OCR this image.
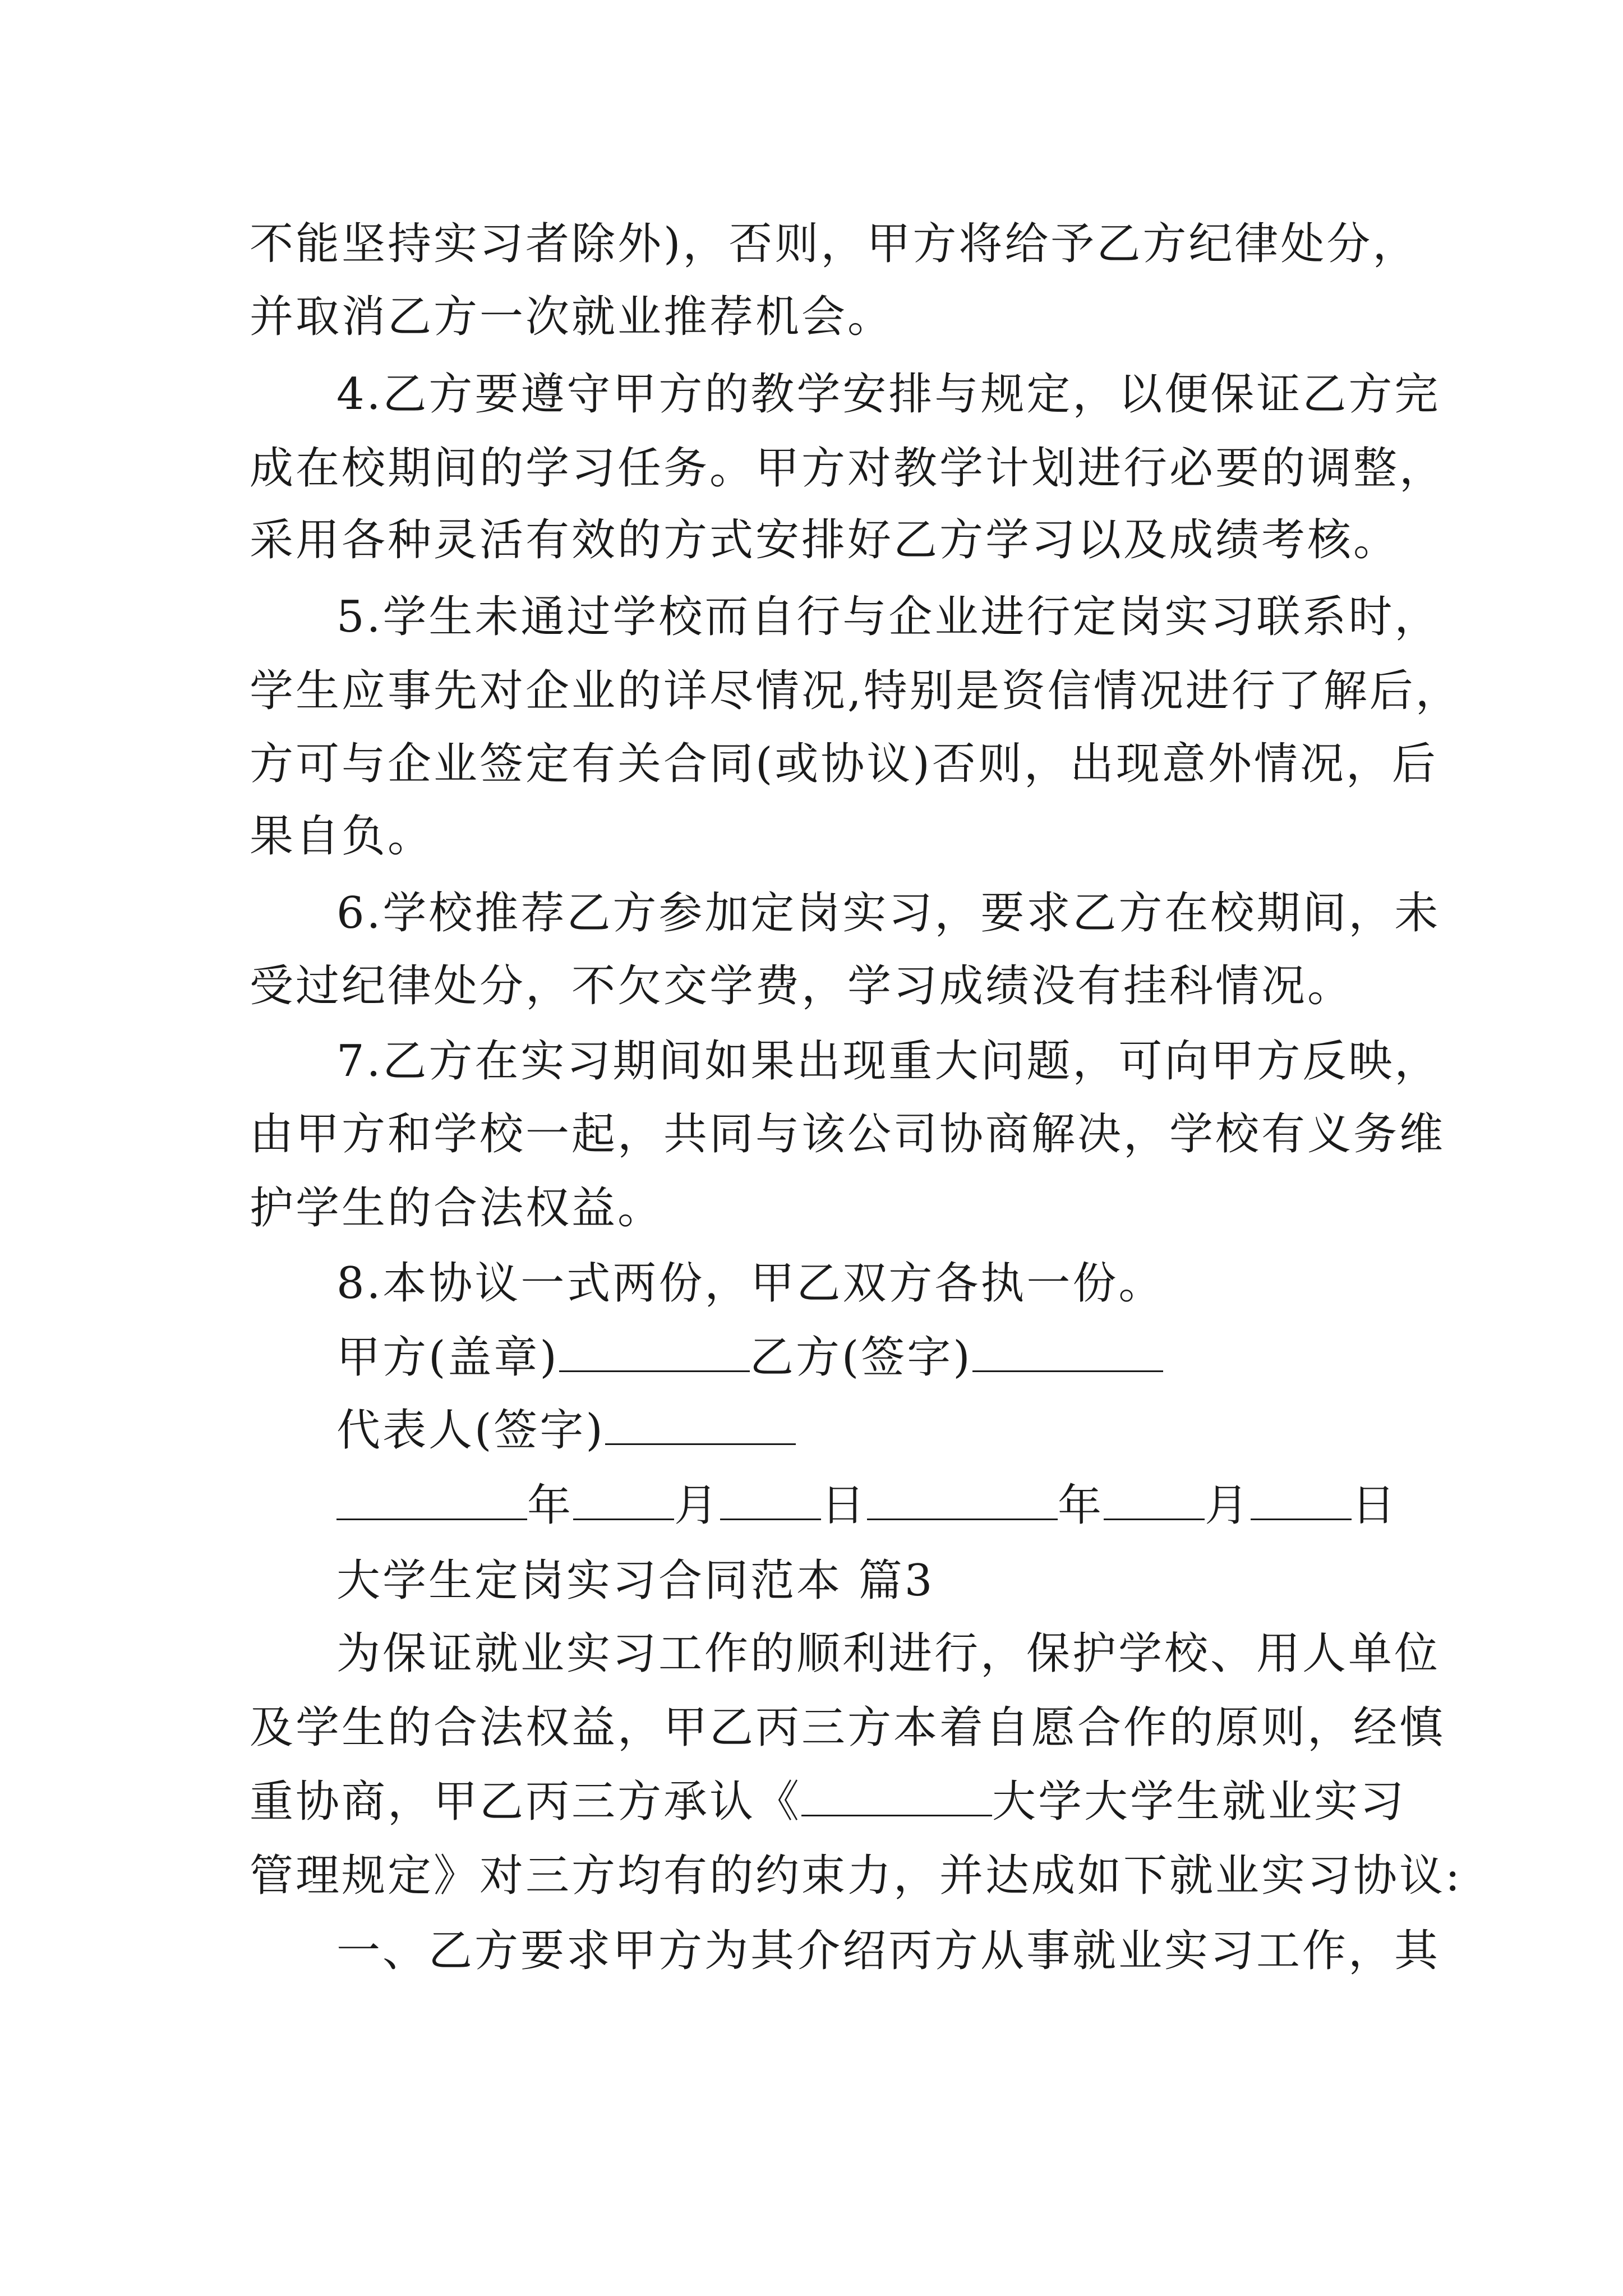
不能坚持实习者除外)，否则，甲方将给予乙方纪律处分，
并取消乙方一次就业推荐机会。
4.乙方要遵守甲方的教学安排与规定，以便保证乙方完
成在校期间的学习任务。甲方对教学计划进行必要的调整，
采用各种灵活有效的方式安排好乙方学习以及成绩考核。
5.学生未通过学校而自行与企业进行定岗实习联系时，
学生应事先对企业的详尽情况,特别是资信情况进行了解后，
方可与企业签定有关合同(或协议)否则，出现意外情况，后
果自负。
6.学校推荐乙方参加定岗实习，要求乙方在校期间，未
受过纪律处分，不欠交学费，学习成绩没有挂科情况。
7.乙方在实习期间如果出现重大问题，可向甲方反映，
由甲方和学校一起，共同与该公司协商解决，学校有义务维
护学生的合法权益。
8.本协议一式两份，甲乙双方各执一份。
甲方(盖章)	乙方(签字)
代表人(签字)
年 月 日	年 月 日
大学生定岗实习合同范本 篇3
为保证就业实习工作的顺利进行，保护学校、用人单位
及学生的合法权益，甲乙丙三方本着自愿合作的原则，经慎
重协商，甲乙丙三方承认《	大学大学生就业实习
管理规定》对三方均有的约束力，并达成如下就业实习协议:
一、乙方要求甲方为其介绍丙方从事就业实习工作，其
